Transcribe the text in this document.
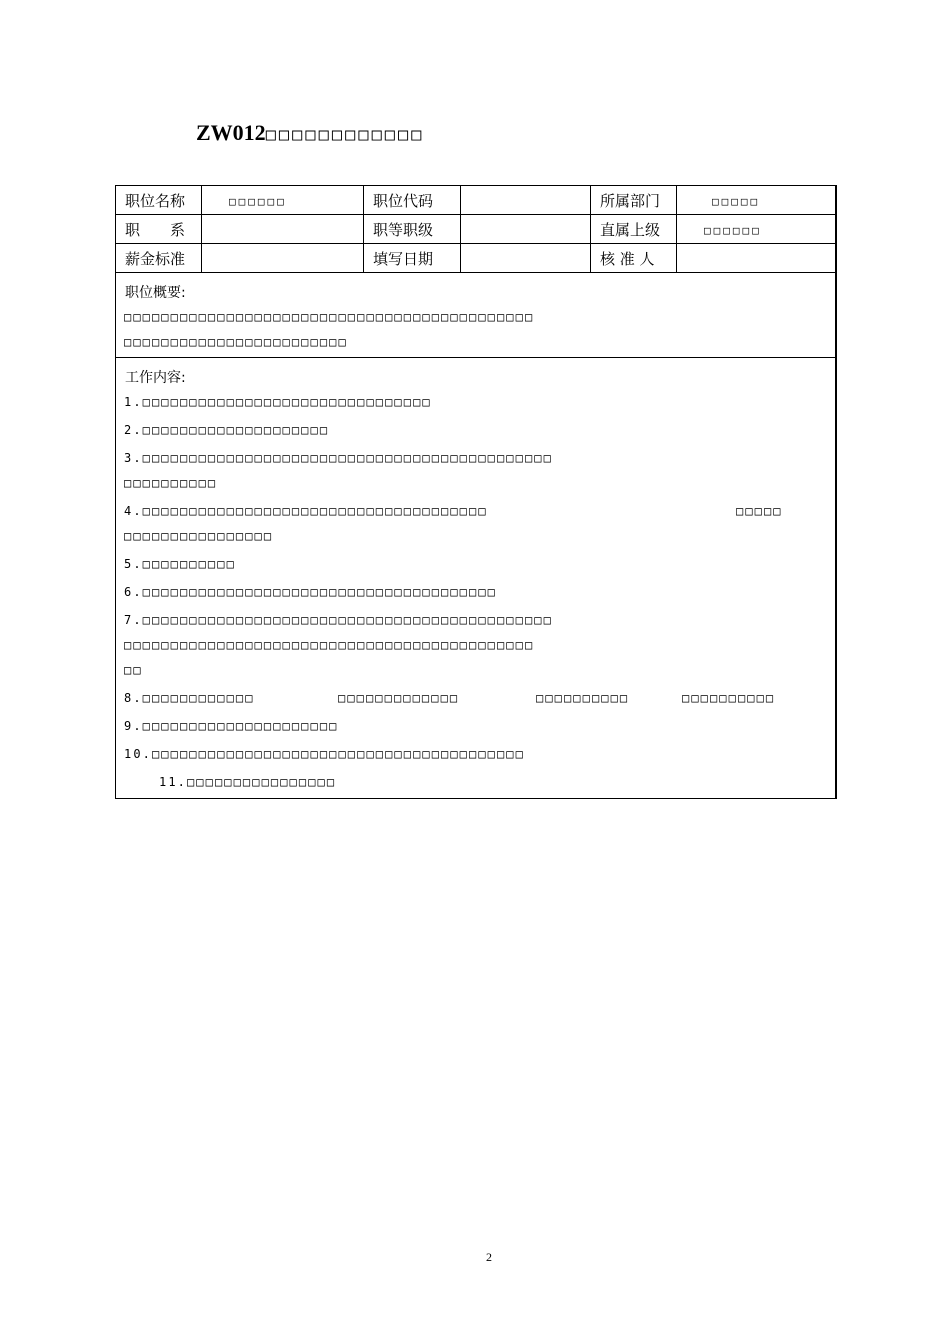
ZW012□□□□□□□□□□□□
职位名称	□□□□□□	职位代码		所属部门	□□□□□
职　　系		职等职级		直属上级	□□□□□□
薪金标准		填写日期		核 准 人	
职位概要:
□□□□□□□□□□□□□□□□□□□□□□□□□□□□□□□□□□□□□□□□□□□□
□□□□□□□□□□□□□□□□□□□□□□□□
工作内容:
1.□□□□□□□□□□□□□□□□□□□□□□□□□□□□□□□
2.□□□□□□□□□□□□□□□□□□□□
3.□□□□□□□□□□□□□□□□□□□□□□□□□□□□□□□□□□□□□□□□□□□□
□□□□□□□□□□
4.□□□□□□□□□□□□□□□□□□□□□□□□□□□□□□□□□□□□□	□□□□□
□□□□□□□□□□□□□□□□
5.□□□□□□□□□□
6.□□□□□□□□□□□□□□□□□□□□□□□□□□□□□□□□□□□□□□
7.□□□□□□□□□□□□□□□□□□□□□□□□□□□□□□□□□□□□□□□□□□□□
□□□□□□□□□□□□□□□□□□□□□□□□□□□□□□□□□□□□□□□□□□□□
□□
8.□□□□□□□□□□□□	□□□□□□□□□□□□□	□□□□□□□□□□	□□□□□□□□□□
9.□□□□□□□□□□□□□□□□□□□□□
10.□□□□□□□□□□□□□□□□□□□□□□□□□□□□□□□□□□□□□□□□
11.□□□□□□□□□□□□□□□□
2
